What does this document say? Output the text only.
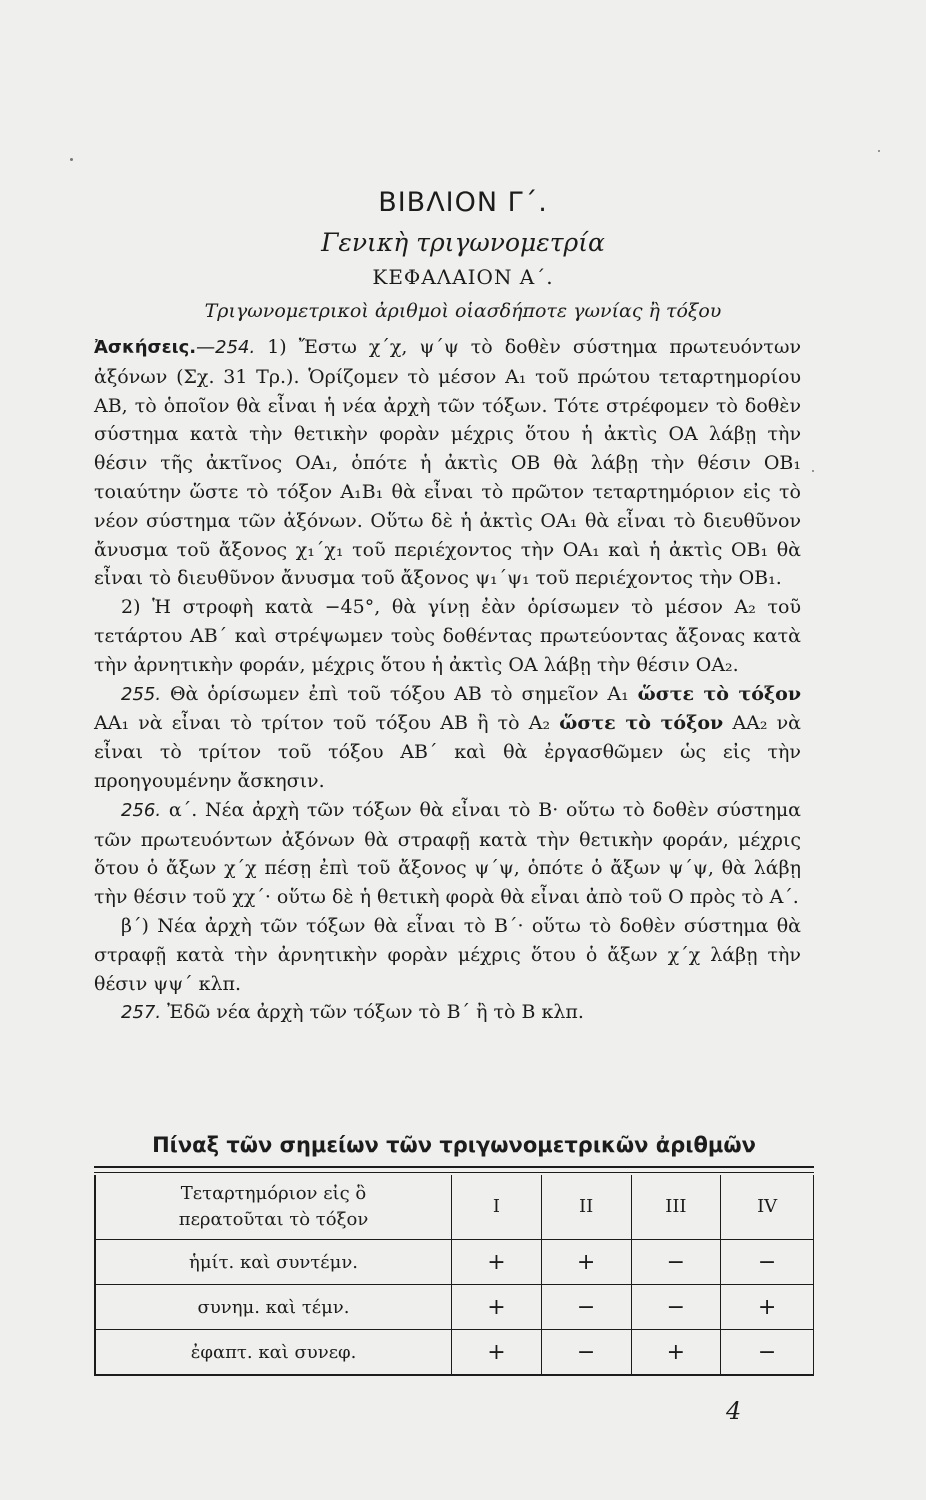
ΒΙΒΛΙΟΝ Γ΄.
Γενικὴ τριγωνομετρία
ΚΕΦΑΛΑΙΟΝ Α΄.
Τριγωνομετρικοὶ ἀριθμοὶ οἱασδήποτε γωνίας ἢ τόξου

Ἀσκήσεις.—254. 1) Ἔστω χ΄χ, ψ΄ψ τὸ δοθὲν σύστημα πρωτευόντων ἀξόνων (Σχ. 31 Τρ.). Ὁρίζομεν τὸ μέσον Α₁ τοῦ πρώτου τεταρτημορίου ΑΒ, τὸ ὁποῖον θὰ εἶναι ἡ νέα ἀρχὴ τῶν τόξων. Τότε στρέφομεν τὸ δοθὲν σύστημα κατὰ τὴν θετικὴν φορὰν μέχρις ὅτου ἡ ἀκτὶς ΟΑ λάβῃ τὴν θέσιν τῆς ἀκτῖνος ΟΑ₁, ὁπότε ἡ ἀκτὶς ΟΒ θὰ λάβῃ τὴν θέσιν ΟΒ₁ τοιαύτην ὥστε τὸ τόξον Α₁Β₁ θὰ εἶναι τὸ πρῶτον τεταρτημόριον εἰς τὸ νέον σύστημα τῶν ἀξόνων. Οὕτω δὲ ἡ ἀκτὶς ΟΑ₁ θὰ εἶναι τὸ διευθῦνον ἄνυσμα τοῦ ἄξονος χ₁΄χ₁ τοῦ περιέχοντος τὴν ΟΑ₁ καὶ ἡ ἀκτὶς ΟΒ₁ θὰ εἶναι τὸ διευθῦνον ἄνυσμα τοῦ ἄξονος ψ₁΄ψ₁ τοῦ περιέχοντος τὴν ΟΒ₁.

2) Ἡ στροφὴ κατὰ −45°, θὰ γίνῃ ἐὰν ὁρίσωμεν τὸ μέσον Α₂ τοῦ τετάρτου ΑΒ΄ καὶ στρέψωμεν τοὺς δοθέντας πρωτεύοντας ἄξονας κατὰ τὴν ἀρνητικὴν φοράν, μέχρις ὅτου ἡ ἀκτὶς ΟΑ λάβῃ τὴν θέσιν ΟΑ₂.

255. Θὰ ὁρίσωμεν ἐπὶ τοῦ τόξου ΑΒ τὸ σημεῖον Α₁ ὥστε τὸ τόξον ΑΑ₁ νὰ εἶναι τὸ τρίτον τοῦ τόξου ΑΒ ἢ τὸ Α₂ ὥστε τὸ τόξον ΑΑ₂ νὰ εἶναι τὸ τρίτον τοῦ τόξου ΑΒ΄ καὶ θὰ ἐργασθῶμεν ὡς εἰς τὴν προηγουμένην ἄσκησιν.

256. α΄. Νέα ἀρχὴ τῶν τόξων θὰ εἶναι τὸ Β· οὕτω τὸ δοθὲν σύστημα τῶν πρωτευόντων ἀξόνων θὰ στραφῇ κατὰ τὴν θετικὴν φοράν, μέχρις ὅτου ὁ ἄξων χ΄χ πέσῃ ἐπὶ τοῦ ἄξονος ψ΄ψ, ὁπότε ὁ ἄξων ψ΄ψ, θὰ λάβῃ τὴν θέσιν τοῦ χχ΄· οὕτω δὲ ἡ θετικὴ φορὰ θὰ εἶναι ἀπὸ τοῦ Ο πρὸς τὸ Α΄.

β΄) Νέα ἀρχὴ τῶν τόξων θὰ εἶναι τὸ Β΄· οὕτω τὸ δοθὲν σύστημα θὰ στραφῇ κατὰ τὴν ἀρνητικὴν φορὰν μέχρις ὅτου ὁ ἄξων χ΄χ λάβῃ τὴν θέσιν ψψ΄ κλπ.

257. Ἐδῶ νέα ἀρχὴ τῶν τόξων τὸ Β΄ ἢ τὸ Β κλπ.

Πίναξ τῶν σημείων τῶν τριγωνομετρικῶν ἀριθμῶν
Τεταρτημόριον εἰς ὃ περατοῦται τὸ τόξον	I	II	III	IV
ἡμίτ. καὶ συντέμν.	+	+	−	−
συνημ. καὶ τέμν.	+	−	−	+
ἐφαπτ. καὶ συνεφ.	+	−	+	−
4
